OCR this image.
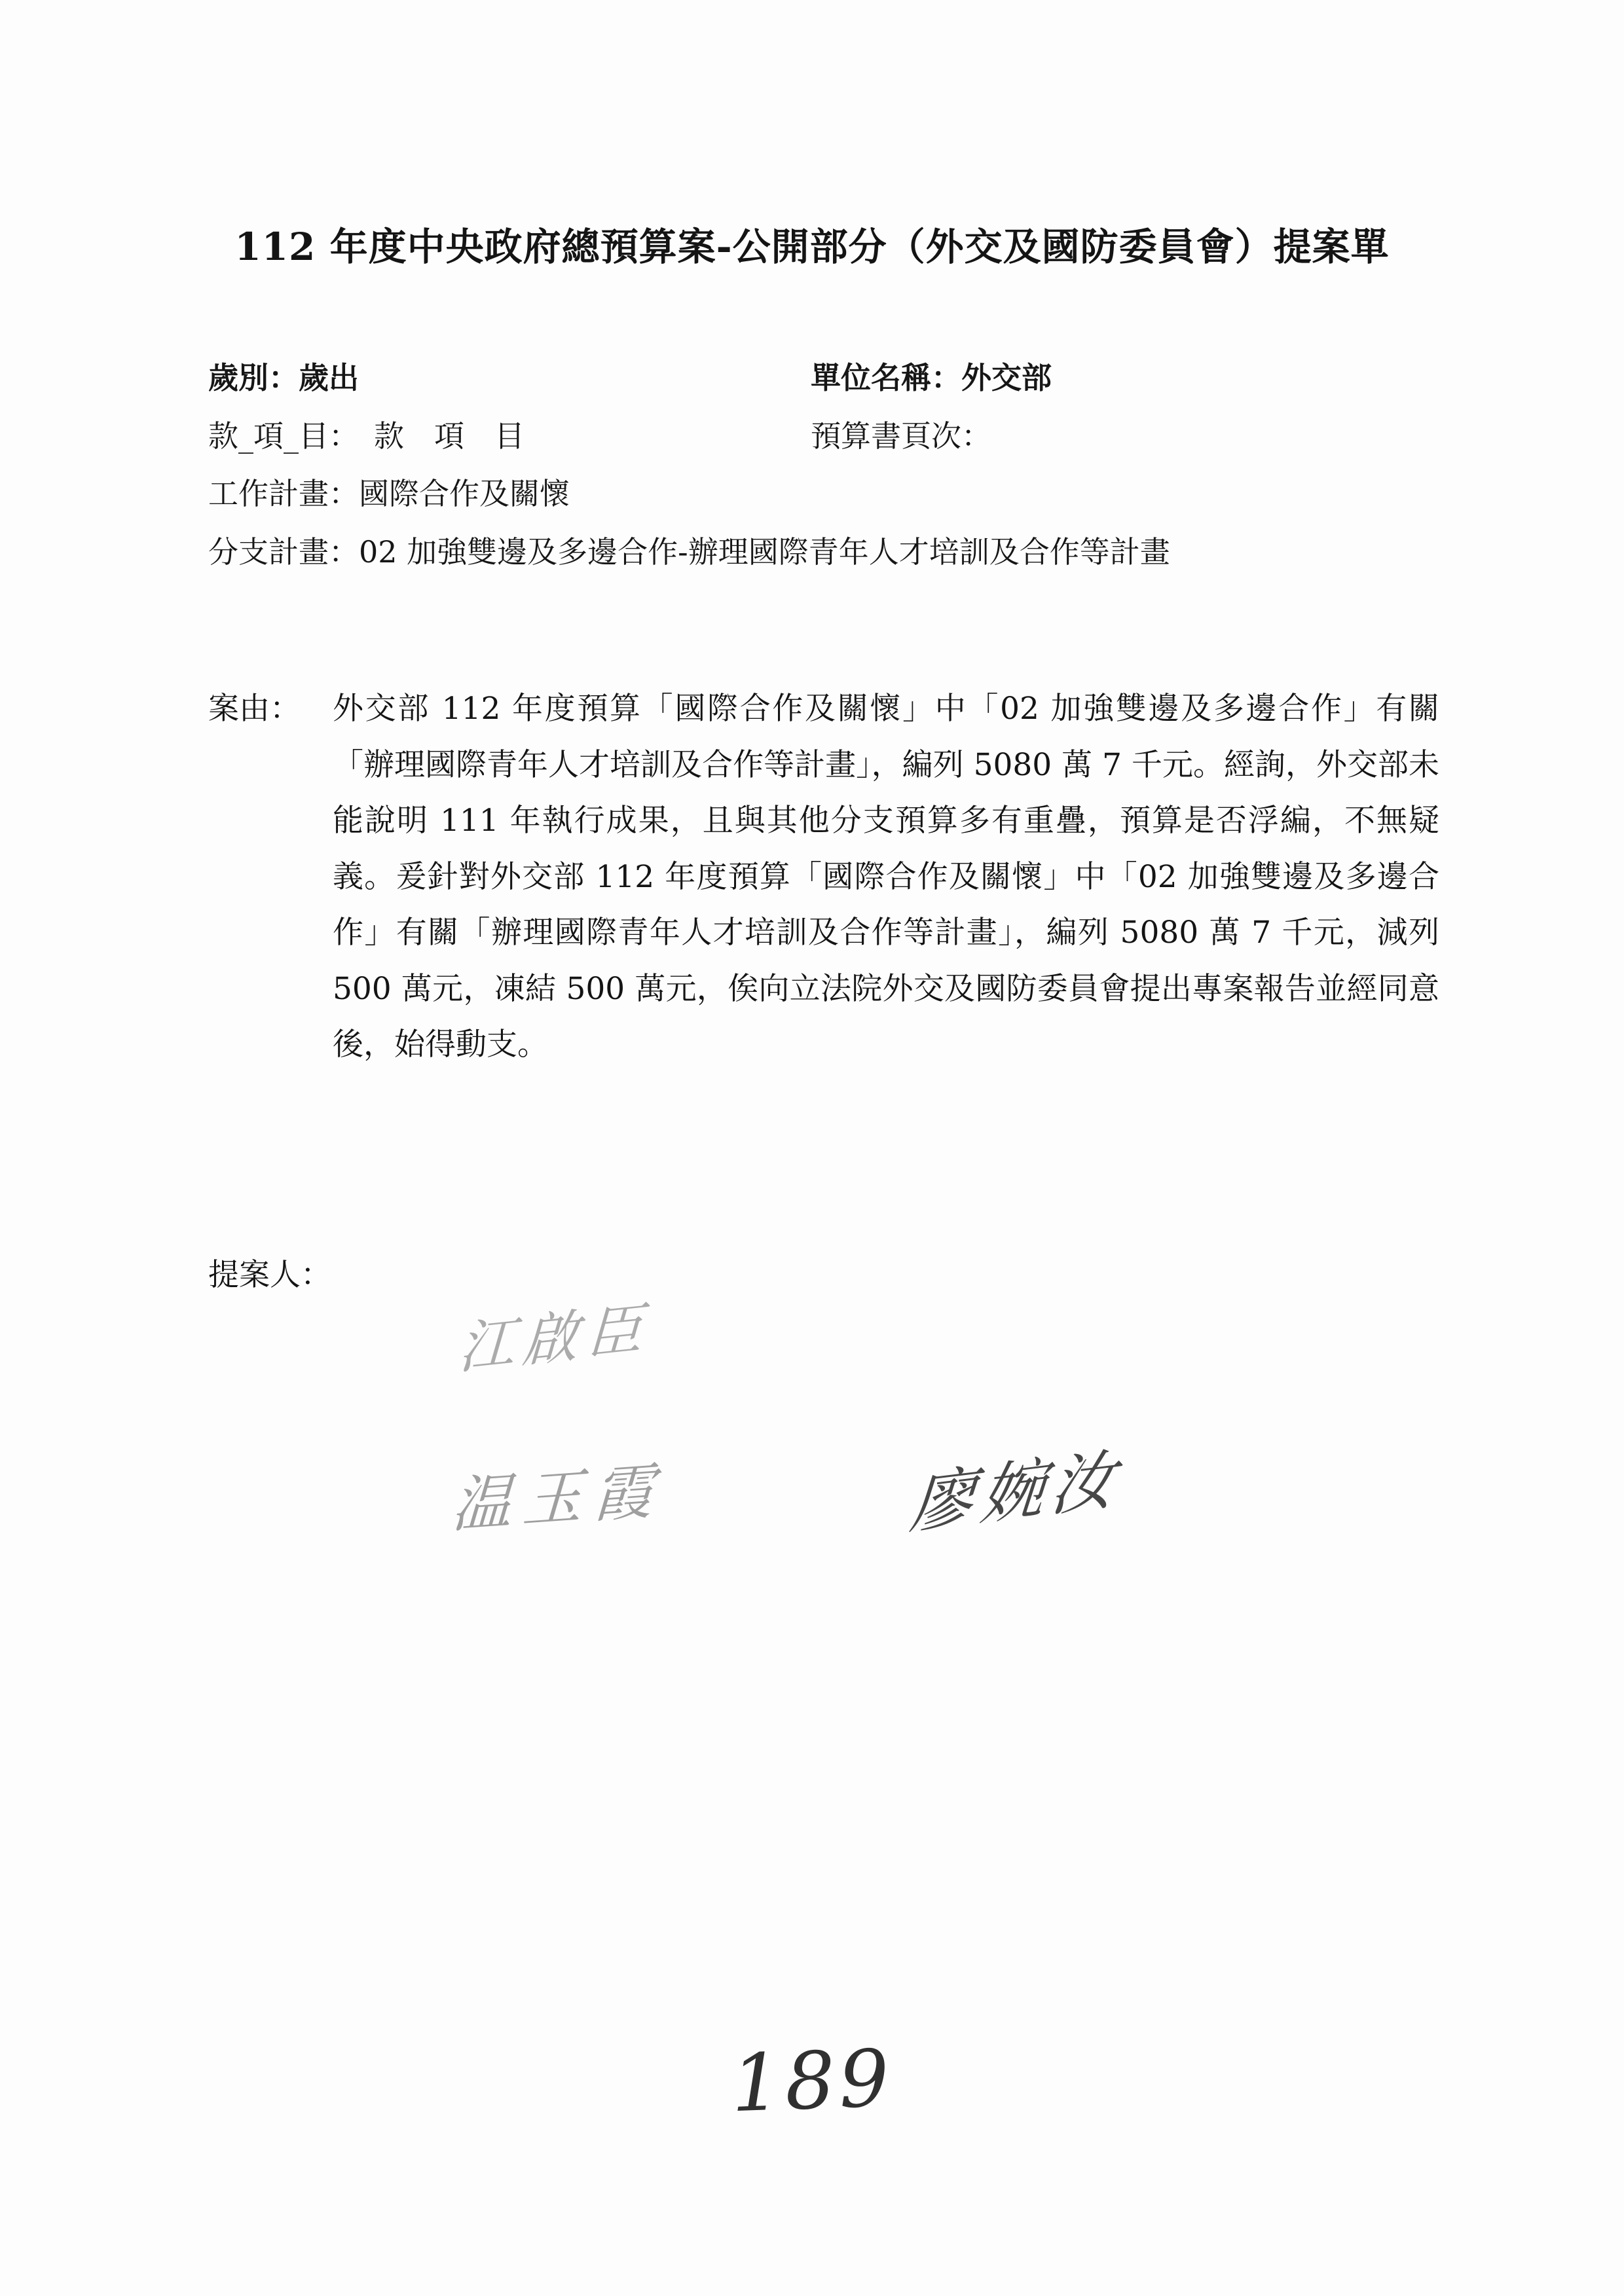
112 年度中央政府總預算案-公開部分（外交及國防委員會）提案單
歲別：歲出	單位名稱：外交部
款_項_目：　款　項　目	預算書頁次：
工作計畫：國際合作及關懷
分支計畫：02 加強雙邊及多邊合作-辦理國際青年人才培訓及合作等計畫
案由：	外交部 112 年度預算「國際合作及關懷」中「02 加強雙邊及多邊合作」有關「辦理國際青年人才培訓及合作等計畫」，編列 5080 萬 7 千元。經詢，外交部未能說明 111 年執行成果，且與其他分支預算多有重疊，預算是否浮編，不無疑義。爰針對外交部 112 年度預算「國際合作及關懷」中「02 加強雙邊及多邊合作」有關「辦理國際青年人才培訓及合作等計畫」，編列 5080 萬 7 千元，減列 500 萬元，凍結 500 萬元，俟向立法院外交及國防委員會提出專案報告並經同意後，始得動支。
提案人：
江啟臣
温玉霞	廖婉汝
189
